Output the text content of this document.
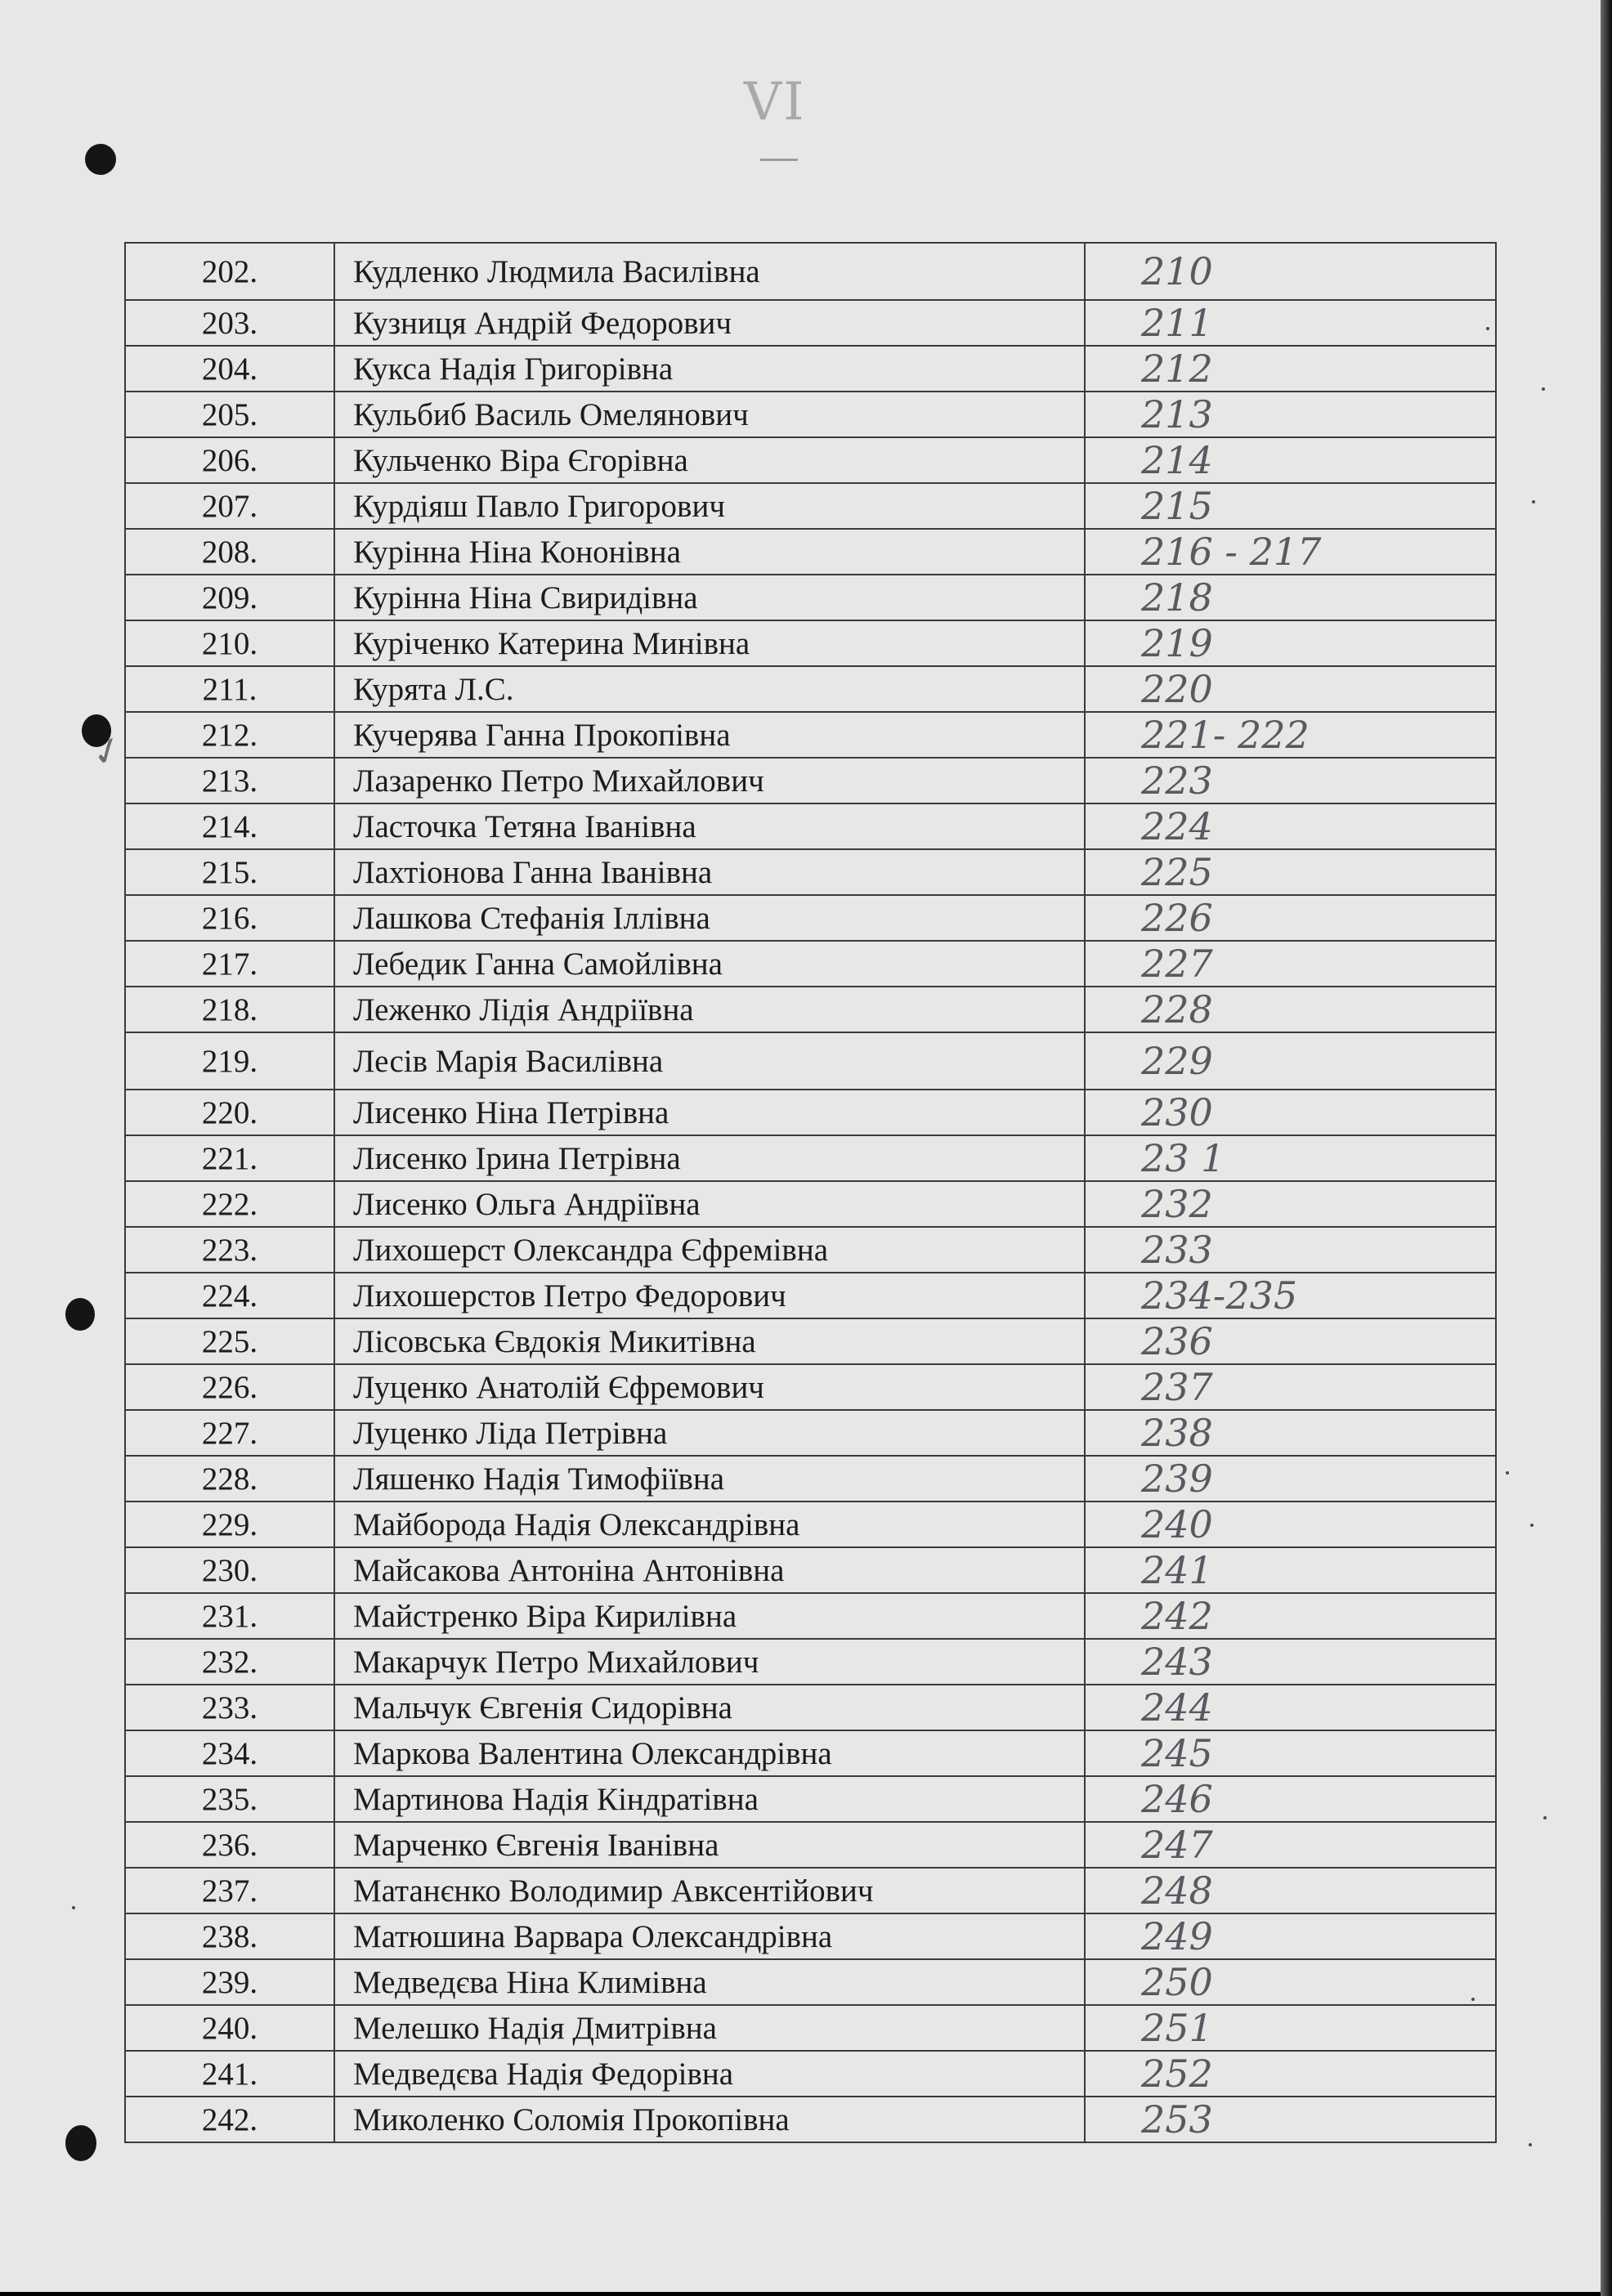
VI
✓
202.	Кудленко Людмила Василівна	210
203.	Кузниця Андрій Федорович	211
204.	Кукса Надія Григорівна	212
205.	Кульбиб Василь Омелянович	213
206.	Кульченко Віра Єгорівна	214
207.	Курдіяш Павло Григорович	215
208.	Курінна Ніна Кононівна	216 - 217
209.	Курінна Ніна Свиридівна	218
210.	Куріченко Катерина Минівна	219
211.	Курята Л.С.	220
212.	Кучерява Ганна Прокопівна	221- 222
213.	Лазаренко Петро Михайлович	223
214.	Ласточка Тетяна Іванівна	224
215.	Лахтіонова Ганна Іванівна	225
216.	Лашкова Стефанія Іллівна	226
217.	Лебедик Ганна Самойлівна	227
218.	Леженко Лідія Андріївна	228
219.	Лесів Марія Василівна	229
220.	Лисенко Ніна Петрівна	230
221.	Лисенко Ірина Петрівна	23 1
222.	Лисенко Ольга Андріївна	232
223.	Лихошерст Олександра Єфремівна	233
224.	Лихошерстов Петро Федорович	234-235
225.	Лісовська Євдокія Микитівна	236
226.	Луценко Анатолій Єфремович	237
227.	Луценко Ліда Петрівна	238
228.	Ляшенко Надія Тимофіївна	239
229.	Майборода Надія Олександрівна	240
230.	Майсакова Антоніна Антонівна	241
231.	Майстренко Віра Кирилівна	242
232.	Макарчук Петро Михайлович	243
233.	Мальчук Євгенія Сидорівна	244
234.	Маркова Валентина Олександрівна	245
235.	Мартинова Надія Кіндратівна	246
236.	Марченко Євгенія Іванівна	247
237.	Матанєнко Володимир Авксентійович	248
238.	Матюшина Варвара Олександрівна	249
239.	Медведєва Ніна Климівна	250
240.	Мелешко Надія Дмитрівна	251
241.	Медведєва Надія Федорівна	252
242.	Миколенко Соломія Прокопівна	253
